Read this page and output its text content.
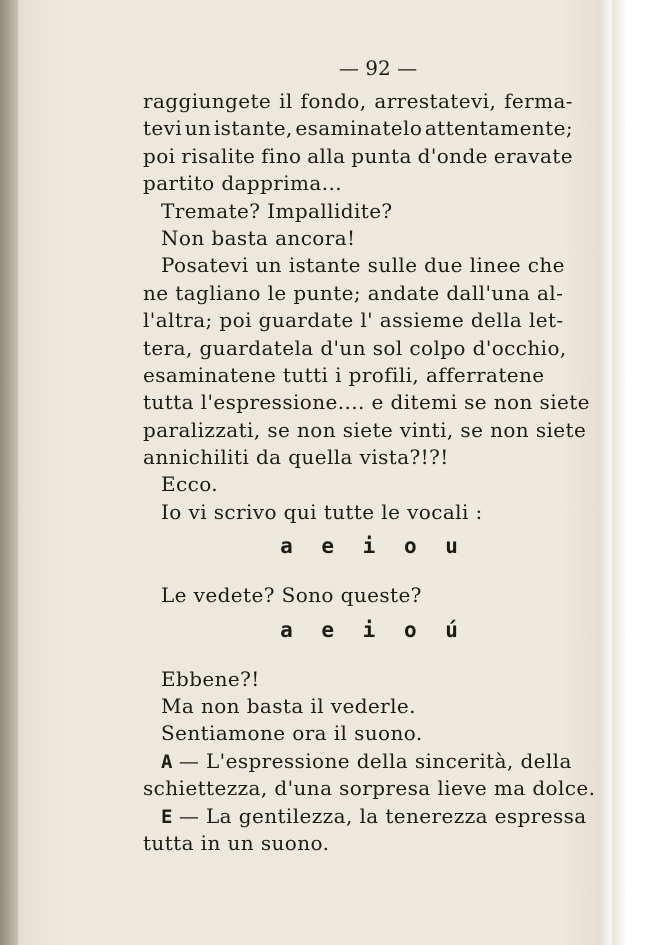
— 92 —
raggiungete il fondo, arrestatevi, ferma-
tevi un istante, esaminatelo attentamente;
poi risalite fino alla punta d'onde eravate
partito dapprima...
Tremate? Impallidite?
Non basta ancora!
Posatevi un istante sulle due linee che
ne tagliano le punte; andate dall'una al-
l'altra; poi guardate l' assieme della let-
tera, guardatela d'un sol colpo d'occhio,
esaminatene tutti i profili, afferratene
tutta l'espressione.... e ditemi se non siete
paralizzati, se non siete vinti, se non siete
annichiliti da quella vista?!?!
Ecco.
Io vi scrivo qui tutte le vocali :
a e i o u
Le vedete? Sono queste?
a e i o ú
Ebbene?!
Ma non basta il vederle.
Sentiamone ora il suono.
A — L'espressione della sincerità, della
schiettezza, d'una sorpresa lieve ma dolce.
E — La gentilezza, la tenerezza espressa
tutta in un suono.
